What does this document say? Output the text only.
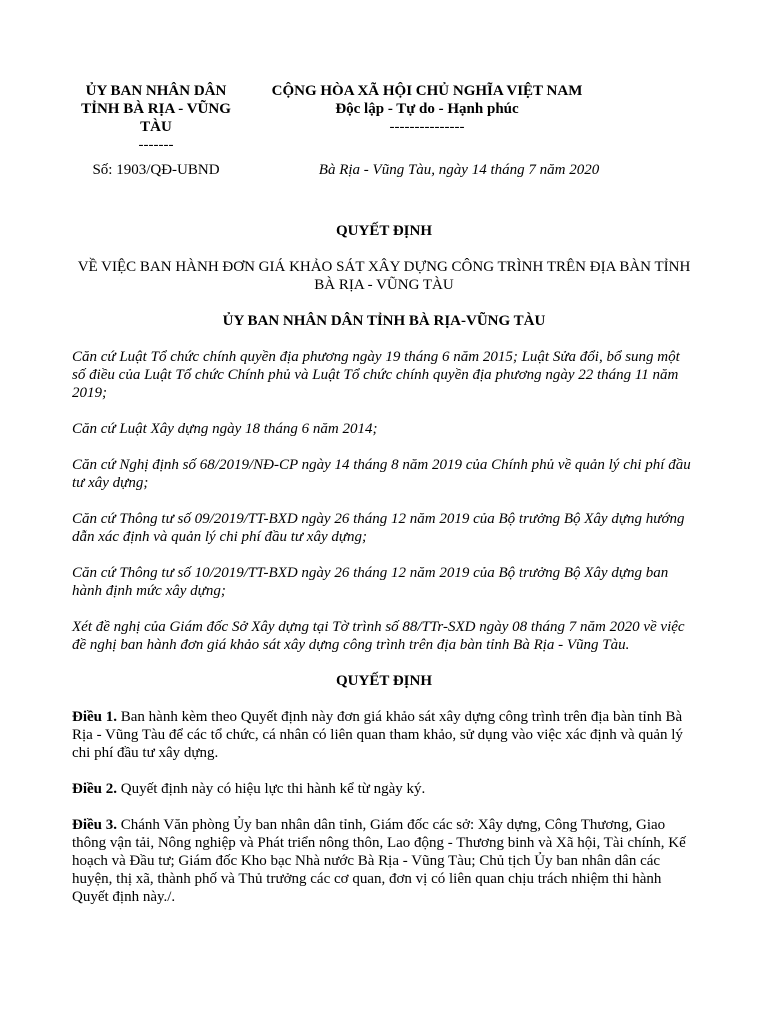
ỦY BAN NHÂN DÂN
TỈNH BÀ RỊA - VŨNG
TÀU
-------
CỘNG HÒA XÃ HỘI CHỦ NGHĨA VIỆT NAM
Độc lập - Tự do - Hạnh phúc
---------------
Số: 1903/QĐ-UBND	Bà Rịa - Vũng Tàu, ngày 14 tháng 7 năm 2020

QUYẾT ĐỊNH

VỀ VIỆC BAN HÀNH ĐƠN GIÁ KHẢO SÁT XÂY DỰNG CÔNG TRÌNH TRÊN ĐỊA BÀN TỈNH BÀ RỊA - VŨNG TÀU

ỦY BAN NHÂN DÂN TỈNH BÀ RỊA-VŨNG TÀU

Căn cứ Luật Tổ chức chính quyền địa phương ngày 19 tháng 6 năm 2015; Luật Sửa đổi, bổ sung một số điều của Luật Tổ chức Chính phủ và Luật Tổ chức chính quyền địa phương ngày 22 tháng 11 năm 2019;
Căn cứ Luật Xây dựng ngày 18 tháng 6 năm 2014;
Căn cứ Nghị định số 68/2019/NĐ-CP ngày 14 tháng 8 năm 2019 của Chính phủ về quản lý chi phí đầu tư xây dựng;
Căn cứ Thông tư số 09/2019/TT-BXD ngày 26 tháng 12 năm 2019 của Bộ trưởng Bộ Xây dựng hướng dẫn xác định và quản lý chi phí đầu tư xây dựng;
Căn cứ Thông tư số 10/2019/TT-BXD ngày 26 tháng 12 năm 2019 của Bộ trưởng Bộ Xây dựng ban hành định mức xây dựng;
Xét đề nghị của Giám đốc Sở Xây dựng tại Tờ trình số 88/TTr-SXD ngày 08 tháng 7 năm 2020 về việc đề nghị ban hành đơn giá khảo sát xây dựng công trình trên địa bàn tỉnh Bà Rịa - Vũng Tàu.

QUYẾT ĐỊNH

Điều 1. Ban hành kèm theo Quyết định này đơn giá khảo sát xây dựng công trình trên địa bàn tỉnh Bà Rịa - Vũng Tàu để các tổ chức, cá nhân có liên quan tham khảo, sử dụng vào việc xác định và quản lý chi phí đầu tư xây dựng.
Điều 2. Quyết định này có hiệu lực thi hành kể từ ngày ký.
Điều 3. Chánh Văn phòng Ủy ban nhân dân tỉnh, Giám đốc các sở: Xây dựng, Công Thương, Giao thông vận tải, Nông nghiệp và Phát triển nông thôn, Lao động - Thương binh và Xã hội, Tài chính, Kế hoạch và Đầu tư; Giám đốc Kho bạc Nhà nước Bà Rịa - Vũng Tàu; Chủ tịch Ủy ban nhân dân các huyện, thị xã, thành phố và Thủ trưởng các cơ quan, đơn vị có liên quan chịu trách nhiệm thi hành Quyết định này./.
